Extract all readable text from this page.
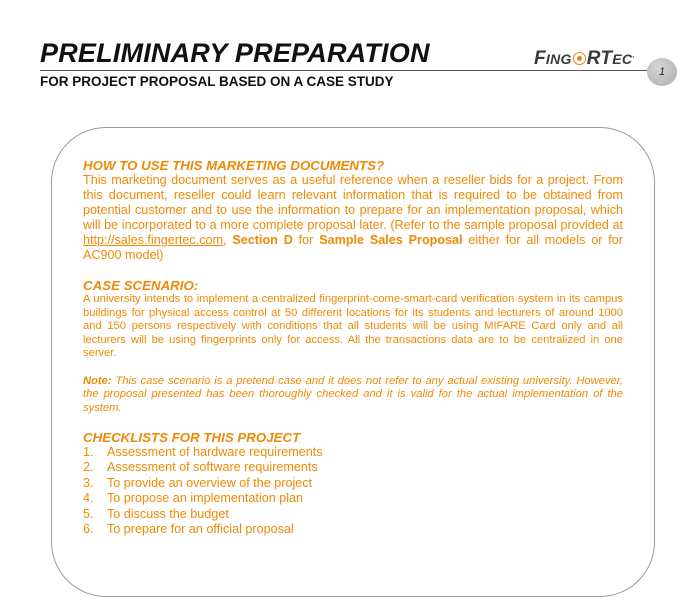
PRELIMINARY PREPARATION
FOR PROJECT PROPOSAL BASED ON A CASE STUDY
FING RTEC.
1
HOW TO USE THIS MARKETING DOCUMENTS?
This marketing document serves as a useful reference when a reseller bids for a project. From this document, reseller could learn relevant information that is required to be obtained from potential customer and to use the information to prepare for an implementation proposal, which will be incorporated to a more complete proposal later. (Refer to the sample proposal provided at http://sales.fingertec.com, Section D for Sample Sales Proposal either for all models or for AC900 model)
CASE SCENARIO:
A university intends to implement a centralized fingerprint-come-smart-card verification system in its campus buildings for physical access control at 50 different locations for its students and lecturers of around 1000 and 150 persons respectively with conditions that all students will be using MIFARE Card only and all lecturers will be using fingerprints only for access. All the transactions data are to be centralized in one server.
Note: This case scenario is a pretend case and it does not refer to any actual existing university. However, the proposal presented has been thoroughly checked and it is valid for the actual implementation of the system.
CHECKLISTS FOR THIS PROJECT
1. Assessment of hardware requirements
2. Assessment of software requirements
3. To provide an overview of the project
4. To propose an implementation plan
5. To discuss the budget
6. To prepare for an official proposal
